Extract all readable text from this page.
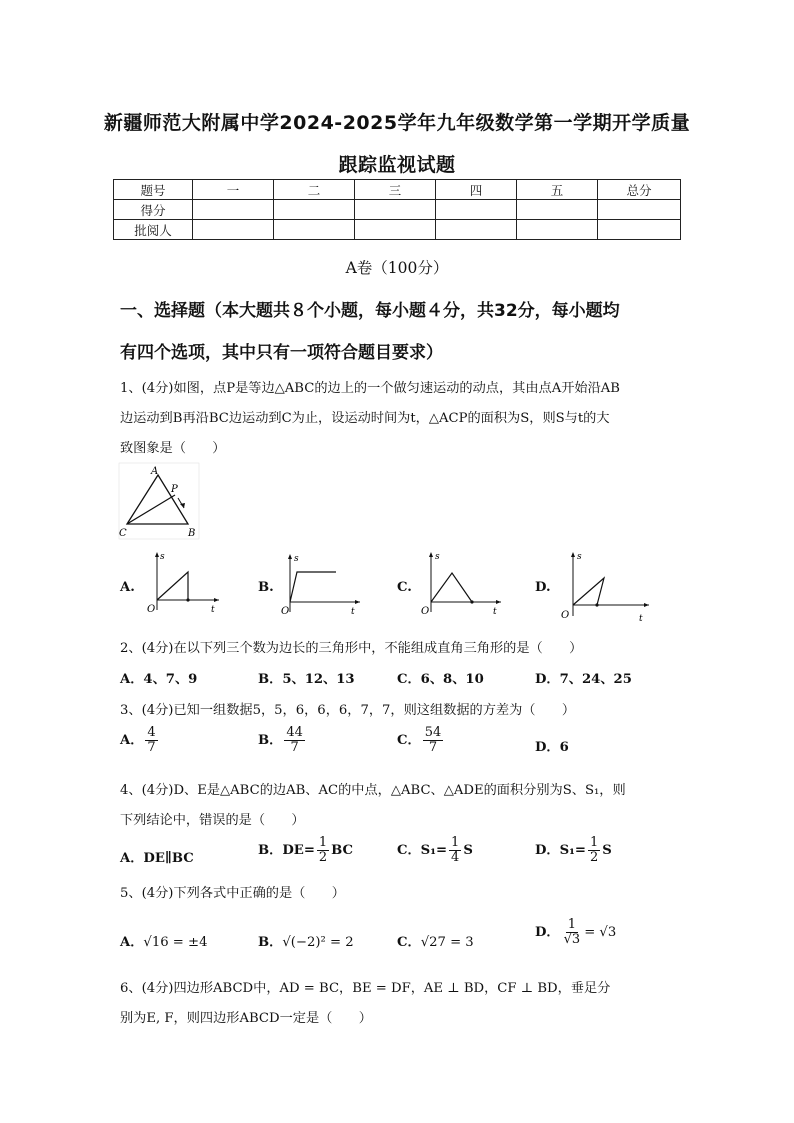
新疆师范大附属中学2024-2025学年九年级数学第一学期开学质量
跟踪监视试题
题号	一	二	三	四	五	总分
得分						
批阅人						
A卷（100分）
一、选择题（本大题共８个小题，每小题４分，共32分，每小题均
有四个选项，其中只有一项符合题目要求）
1、(4分)如图，点P是等边△ABC的边上的一个做匀速运动的动点，其由点A开始沿AB
边运动到B再沿BC边运动到C为止，设运动时间为t，△ACP的面积为S，则S与t的大
致图象是（　　）
A
P
C	B
A.
O
s
t
B.
O
s
t
C.
O
s
t
D.
O
s
t
2、(4分)在以下列三个数为边长的三角形中，不能组成直角三角形的是（　　）
A．4、7、9	B．5、12、13	C．6、8、10	D．7、24、25
3、(4分)已知一组数据5，5，6，6，6，7，7，则这组数据的方差为（　　）
A． $\frac{4}{7}$	B． $\frac{44}{7}$	C． $\frac{54}{7}$	D．6
4、(4分)D、E是△ABC的边AB、AC的中点，△ABC、△ADE的面积分别为S、S₁，则
下列结论中，错误的是（　　）
A．DE∥BC
B．$DE= \frac{1}{2}$ BC	C．$S_1= \frac{1}{4}$ S	D．$S_1= \frac{1}{2}$ S
5、(4分)下列各式中正确的是（　　）
A．√16 = ±4	B．√(−2)² = 2	C．√27 = 3
D． $\frac{1}{√3} = √3$
6、(4分)四边形ABCD中，AD = BC，BE = DF，AE ⊥ BD，CF ⊥ BD，垂足分
别为E, F，则四边形ABCD一定是（　　）
